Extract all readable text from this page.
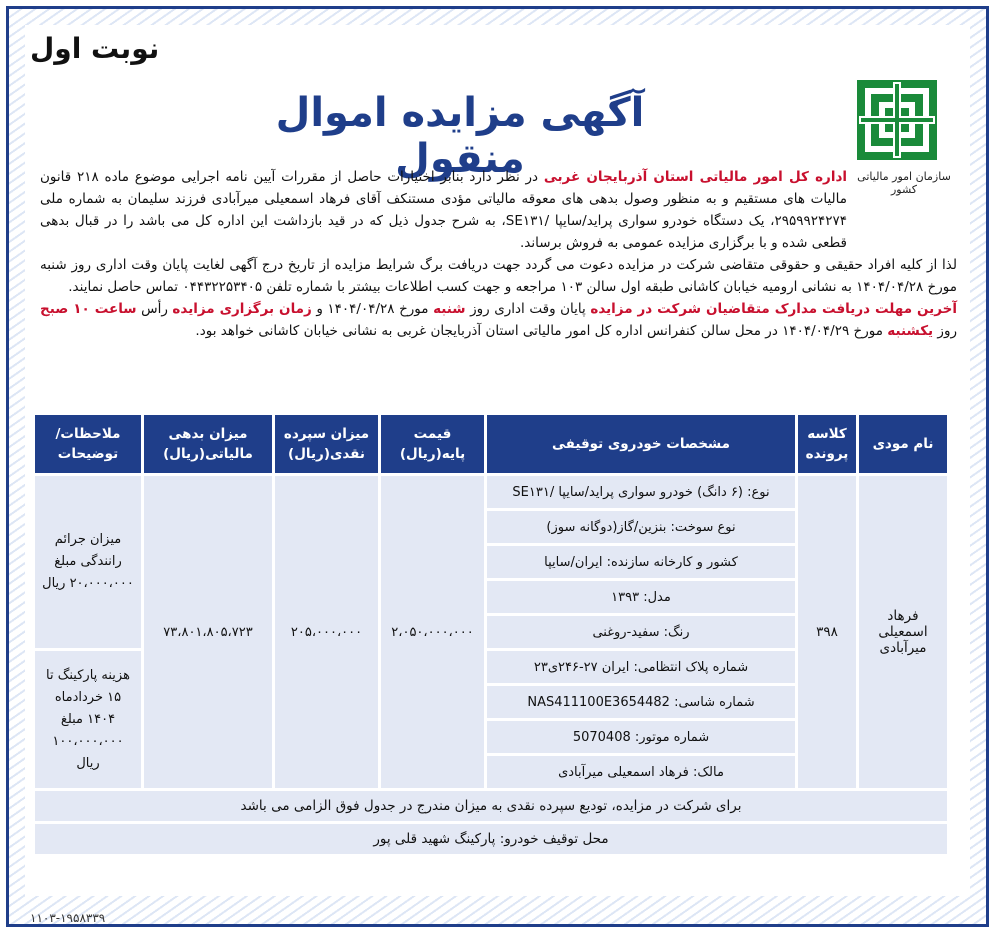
نوبت اول
سازمان امور مالیاتی کشور
آگهی مزایده اموال منقول	اداره کل امور مالیاتی استان آذربایجان غربی در نظر دارد بنابر اختیارات حاصل از مقررات آیین نامه اجرایی موضوع ماده ۲۱۸ قانون مالیات های مستقیم و به منظور وصول بدهی های معوقه مالیاتی مؤدی مستنکف آقای فرهاد اسمعیلی میرآبادی فرزند سلیمان به شماره ملی ۲۹۵۹۹۲۴۲۷۴، یک دستگاه خودرو سواری پراید/سایپا /SE۱۳۱، به شرح جدول ذیل که در قید بازداشت این اداره کل می باشد را در قبال بدهی قطعی شده و با برگزاری مزایده عمومی به فروش برساند.

لذا از کلیه افراد حقیقی و حقوقی متقاضی شرکت در مزایده دعوت می گردد جهت دریافت برگ شرایط مزایده از تاریخ درج آگهی لغایت پایان وقت اداری روز شنبه مورخ ۱۴۰۴/۰۴/۲۸ به نشانی ارومیه خیابان کاشانی طبقه اول سالن ۱۰۳ مراجعه و جهت کسب اطلاعات بیشتر با شماره تلفن ۰۴۴۳۲۲۵۳۴۰۵ تماس حاصل نمایند.

آخرین مهلت دریافت مدارک متقاضیان شرکت در مزایده پایان وقت اداری روز شنبه مورخ ۱۴۰۴/۰۴/۲۸ و زمان برگزاری مزایده رأس ساعت ۱۰ صبح روز یکشنبه مورخ ۱۴۰۴/۰۴/۲۹ در محل سالن کنفرانس اداره کل امور مالیاتی استان آذربایجان غربی به نشانی خیابان کاشانی خواهد بود.

نام مودی	کلاسه پرونده	مشخصات خودروی توقیفی	قیمت پایه(ریال)	میزان سپرده نقدی(ریال)	میزان بدهی مالیاتی(ریال)	ملاحظات/ توضیحات
فرهاد اسمعیلی میرآبادی	۳۹۸	نوع: (۶ دانگ) خودرو سواری پراید/سایپا /SE۱۳۱	۲،۰۵۰،۰۰۰،۰۰۰	۲۰۵،۰۰۰،۰۰۰	۷۳،۸۰۱،۸۰۵،۷۲۳	میزان جرائم رانندگی مبلغ ۲۰،۰۰۰،۰۰۰ ریال
		نوع سوخت: بنزین/گاز(دوگانه سوز)				
		کشور و کارخانه سازنده: ایران/سایپا				
		مدل: ۱۳۹۳				
		رنگ: سفید-روغنی				
		شماره پلاک انتظامی: ایران ۲۷-۲۴۶ی۲۳				هزینه پارکینگ تا ۱۵ خردادماه ۱۴۰۴ مبلغ ۱۰۰،۰۰۰،۰۰۰ ریال
		شماره شاسی: NAS411100E3654482				
		شماره موتور: 5070408				
		مالک: فرهاد اسمعیلی میرآبادی				
برای شرکت در مزایده، تودیع سپرده نقدی به میزان مندرج در جدول فوق الزامی می باشد						
محل توقیف خودرو: پارکینگ شهید قلی پور						
۱۱۰۳-۱۹۵۸۳۳۹
